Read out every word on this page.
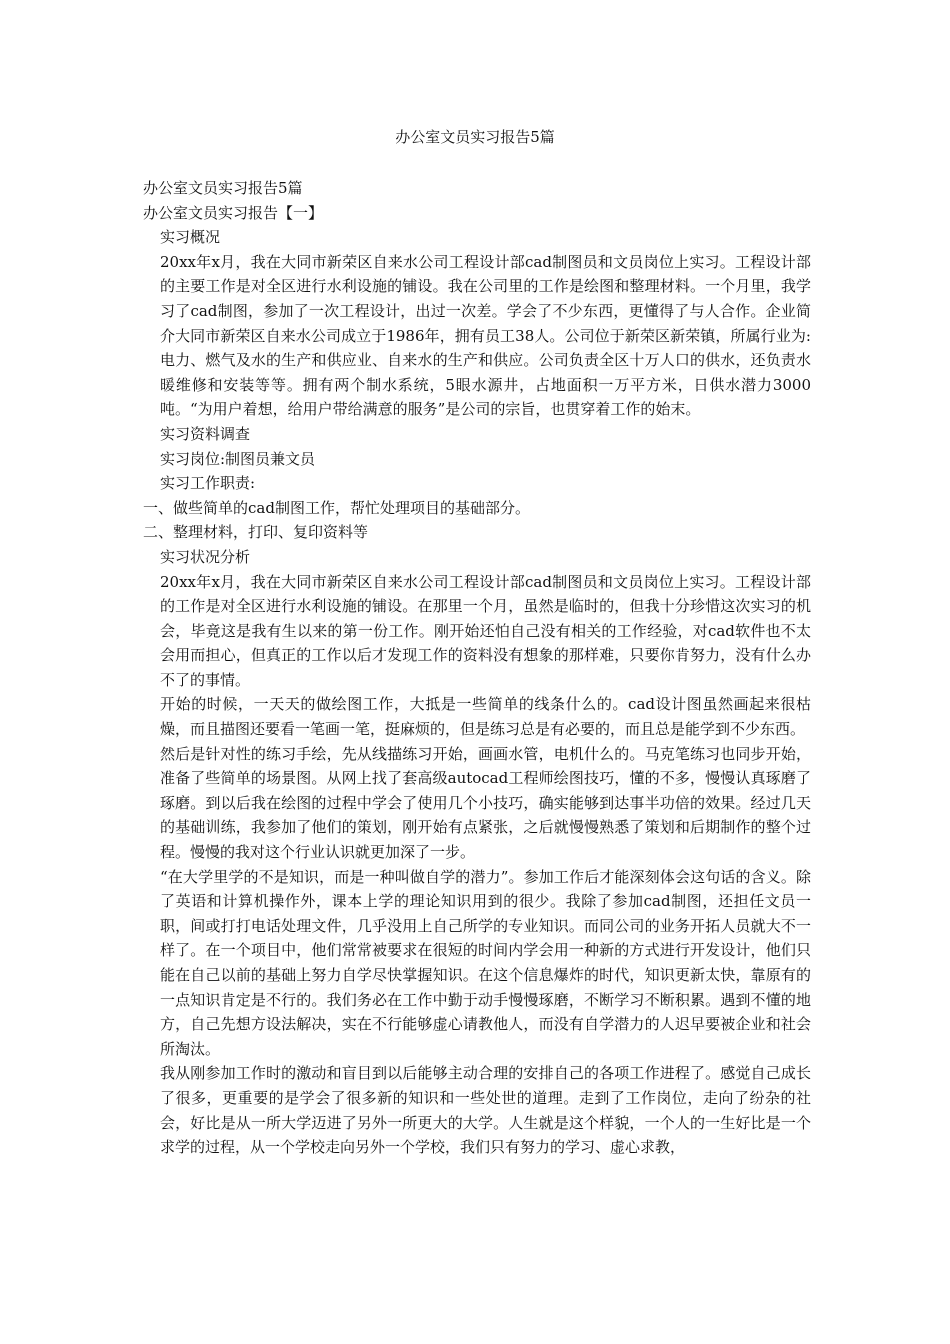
办公室文员实习报告5篇

办公室文员实习报告5篇

办公室文员实习报告【一】

实习概况

20xx年x月，我在大同市新荣区自来水公司工程设计部cad制图员和文员岗位上实习。工程设计部的主要工作是对全区进行水利设施的铺设。我在公司里的工作是绘图和整理材料。一个月里，我学习了cad制图，参加了一次工程设计，出过一次差。学会了不少东西，更懂得了与人合作。企业简介大同市新荣区自来水公司成立于1986年，拥有员工38人。公司位于新荣区新荣镇，所属行业为:电力、燃气及水的生产和供应业、自来水的生产和供应。公司负责全区十万人口的供水，还负责水暖维修和安装等等。拥有两个制水系统，5眼水源井，占地面积一万平方米，日供水潜力3000吨。“为用户着想，给用户带给满意的服务”是公司的宗旨，也贯穿着工作的始末。

实习资料调查

实习岗位:制图员兼文员

实习工作职责:

一、做些简单的cad制图工作，帮忙处理项目的基础部分。

二、整理材料，打印、复印资料等

实习状况分析

20xx年x月，我在大同市新荣区自来水公司工程设计部cad制图员和文员岗位上实习。工程设计部的工作是对全区进行水利设施的铺设。在那里一个月，虽然是临时的，但我十分珍惜这次实习的机会，毕竟这是我有生以来的第一份工作。刚开始还怕自己没有相关的工作经验，对cad软件也不太会用而担心，但真正的工作以后才发现工作的资料没有想象的那样难，只要你肯努力，没有什么办不了的事情。

开始的时候，一天天的做绘图工作，大抵是一些简单的线条什么的。cad设计图虽然画起来很枯燥，而且描图还要看一笔画一笔，挺麻烦的，但是练习总是有必要的，而且总是能学到不少东西。

然后是针对性的练习手绘，先从线描练习开始，画画水管，电机什么的。马克笔练习也同步开始，准备了些简单的场景图。从网上找了套高级autocad工程师绘图技巧，懂的不多，慢慢认真琢磨了琢磨。到以后我在绘图的过程中学会了使用几个小技巧，确实能够到达事半功倍的效果。经过几天的基础训练，我参加了他们的策划，刚开始有点紧张，之后就慢慢熟悉了策划和后期制作的整个过程。慢慢的我对这个行业认识就更加深了一步。

“在大学里学的不是知识，而是一种叫做自学的潜力”。参加工作后才能深刻体会这句话的含义。除了英语和计算机操作外，课本上学的理论知识用到的很少。我除了参加cad制图，还担任文员一职，间或打打电话处理文件，几乎没用上自己所学的专业知识。而同公司的业务开拓人员就大不一样了。在一个项目中，他们常常被要求在很短的时间内学会用一种新的方式进行开发设计，他们只能在自己以前的基础上努力自学尽快掌握知识。在这个信息爆炸的时代，知识更新太快，靠原有的一点知识肯定是不行的。我们务必在工作中勤于动手慢慢琢磨，不断学习不断积累。遇到不懂的地方，自己先想方设法解决，实在不行能够虚心请教他人，而没有自学潜力的人迟早要被企业和社会所淘汰。

我从刚参加工作时的激动和盲目到以后能够主动合理的安排自己的各项工作进程了。感觉自己成长了很多，更重要的是学会了很多新的知识和一些处世的道理。走到了工作岗位，走向了纷杂的社会，好比是从一所大学迈进了另外一所更大的大学。人生就是这个样貌，一个人的一生好比是一个求学的过程，从一个学校走向另外一个学校，我们只有努力的学习、虚心求教，
